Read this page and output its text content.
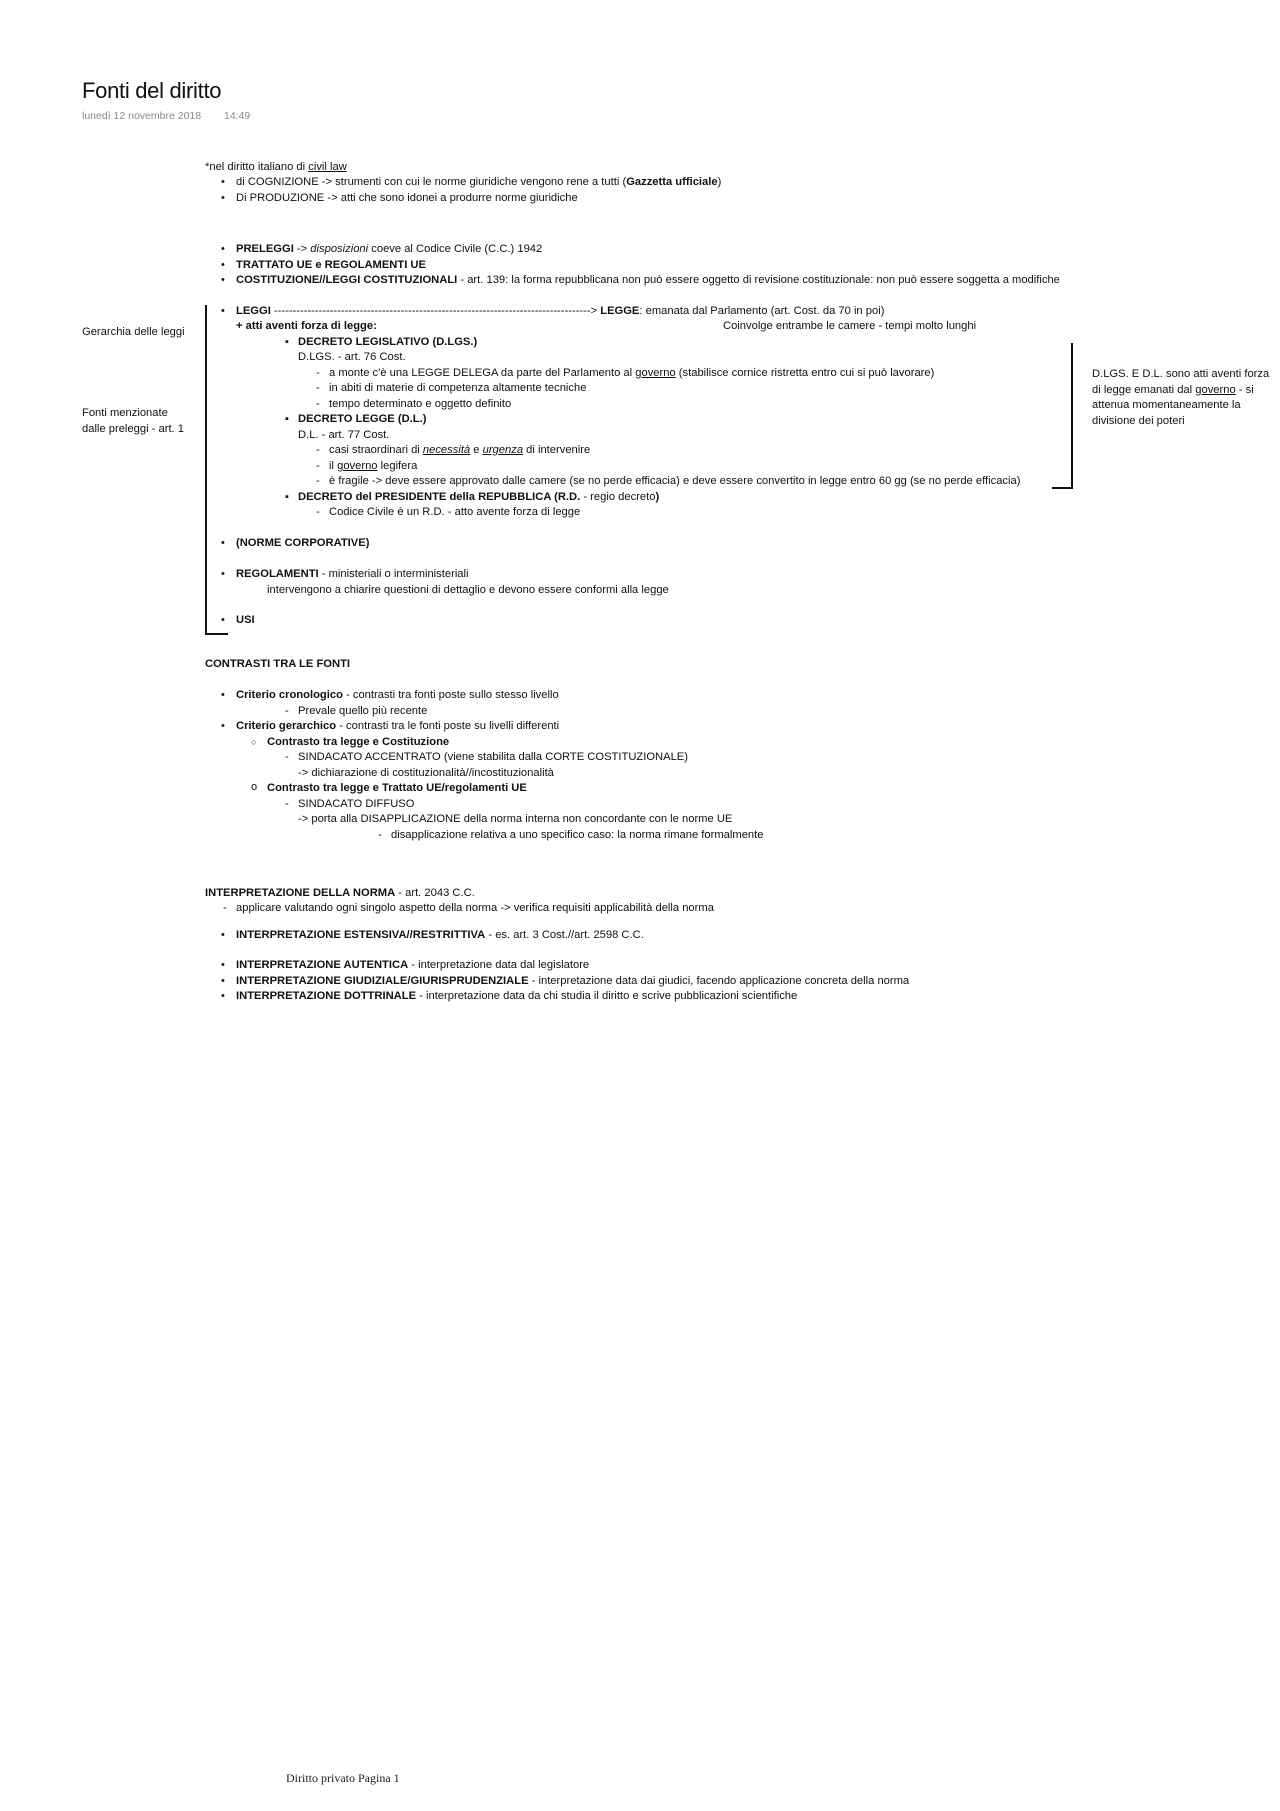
Fonti del diritto
lunedì 12 novembre 2018 14:49
*nel diritto italiano di civil law
• di COGNIZIONE -> strumenti con cui le norme giuridiche vengono rene a tutti (Gazzetta ufficiale)
• Di PRODUZIONE -> atti che sono idonei a produrre norme giuridiche
• PRELEGGI -> disposizioni coeve al Codice Civile (C.C.) 1942
• TRATTATO UE e REGOLAMENTI UE
• COSTITUZIONE//LEGGI COSTITUZIONALI - art. 139: la forma repubblicana non può essere oggetto di revisione costituzionale: non può essere soggetta a modifiche
Gerarchia delle leggi
Fonti menzionate dalle preleggi - art. 1
D.LGS. E D.L. sono atti aventi forza di legge emanati dal governo - si attenua momentaneamente la divisione dei poteri
• LEGGI -------------------------------------------------------------------------------------> LEGGE: emanata dal Parlamento (art. Cost. da 70 in poi)
+ atti aventi forza di legge:	Coinvolge entrambe le camere - tempi molto lunghi
▪ DECRETO LEGISLATIVO (D.LGS.)
D.LGS. - art. 76 Cost.
- a monte c'è una LEGGE DELEGA da parte del Parlamento al governo (stabilisce cornice ristretta entro cui si può lavorare)
- in abiti di materie di competenza altamente tecniche
- tempo determinato e oggetto definito
▪ DECRETO LEGGE (D.L.)
D.L. - art. 77 Cost.
- casi straordinari di necessità e urgenza di intervenire
- il governo legifera
- è fragile -> deve essere approvato dalle camere (se no perde efficacia) e deve essere convertito in legge entro 60 gg (se no perde efficacia)
▪ DECRETO del PRESIDENTE della REPUBBLICA (R.D. - regio decreto)
- Codice Civile è un R.D. - atto avente forza di legge
• (NORME CORPORATIVE)
• REGOLAMENTI - ministeriali o interministeriali
intervengono a chiarire questioni di dettaglio e devono essere conformi alla legge
• USI
CONTRASTI TRA LE FONTI
• Criterio cronologico - contrasti tra fonti poste sullo stesso livello
- Prevale quello più recente
• Criterio gerarchico - contrasti tra le fonti poste su livelli differenti
○ Contrasto tra legge e Costituzione
- SINDACATO ACCENTRATO (viene stabilita dalla CORTE COSTITUZIONALE)
-> dichiarazione di costituzionalità//incostituzionalità
o Contrasto tra legge e Trattato UE/regolamenti UE
- SINDACATO DIFFUSO
-> porta alla DISAPPLICAZIONE della norma interna non concordante con le norme UE
- disapplicazione relativa a uno specifico caso: la norma rimane formalmente
INTERPRETAZIONE DELLA NORMA - art. 2043 C.C.
- applicare valutando ogni singolo aspetto della norma -> verifica requisiti applicabilità della norma
• INTERPRETAZIONE ESTENSIVA//RESTRITTIVA - es. art. 3 Cost.//art. 2598 C.C.
• INTERPRETAZIONE AUTENTICA - interpretazione data dal legislatore
• INTERPRETAZIONE GIUDIZIALE/GIURISPRUDENZIALE - interpretazione data dai giudici, facendo applicazione concreta della norma
• INTERPRETAZIONE DOTTRINALE - interpretazione data da chi studia il diritto e scrive pubblicazioni scientifiche
Diritto privato Pagina 1
